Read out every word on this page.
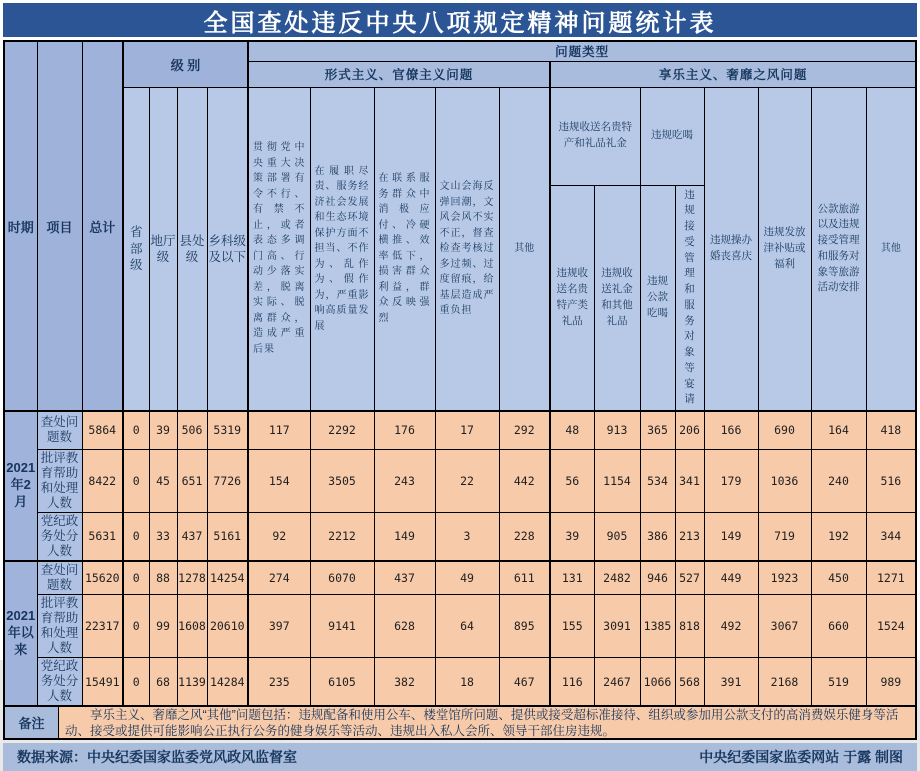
全国查处违反中央八项规定精神问题统计表
时期	项目	总计	级 别				问题类型												
							形式主义、官僚主义问题					享乐主义、奢靡之风问题							
			省部级	地厅级	县处级	乡科级及以下	贯彻党中央重大决策部署有令不行、有禁不止，或者表态多调门高、行动少落实差，脱离实际、脱离群众，造成严重后果	在履职尽责、服务经济社会发展和生态环境保护方面不担当、不作为、乱作为、假作为，严重影响高质量发展	在联系服务群众中消极应付、冷硬横推、效率低下，损害群众利益，群众反映强烈	文山会海反弹回潮，文风会风不实不正，督查检查考核过多过频、过度留痕，给基层造成严重负担	其他	违规收送名贵特产和礼品礼金		违规吃喝		违规操办婚丧喜庆	违规发放津补贴或福利	公款旅游以及违规接受管理和服务对象等旅游活动安排	其他
												违规收送名贵特产类礼品	违规收送礼金和其他礼品	违规公款吃喝	违规接受管理和服务对象等宴请				
2021年2月	查处问题数	5864	0	39	506	5319	117	2292	176	17	292	48	913	365	206	166	690	164	418
	批评教育帮助和处理人数	8422	0	45	651	7726	154	3505	243	22	442	56	1154	534	341	179	1036	240	516
	党纪政务处分人数	5631	0	33	437	5161	92	2212	149	3	228	39	905	386	213	149	719	192	344
2021年以来	查处问题数	15620	0	88	1278	14254	274	6070	437	49	611	131	2482	946	527	449	1923	450	1271
	批评教育帮助和处理人数	22317	0	99	1608	20610	397	9141	628	64	895	155	3091	1385	818	492	3067	660	1524
	党纪政务处分人数	15491	0	68	1139	14284	235	6105	382	18	467	116	2467	1066	568	391	2168	519	989
备注
享乐主义、奢靡之风“其他”问题包括：违规配备和使用公车、楼堂馆所问题、提供或接受超标准接待、组织或参加用公款支付的高消费娱乐健身等活动、接受或提供可能影响公正执行公务的健身娱乐等活动、违规出入私人会所、领导干部住房违规。
数据来源：中央纪委国家监委党风政风监督室	中央纪委国家监委网站 于露 制图
